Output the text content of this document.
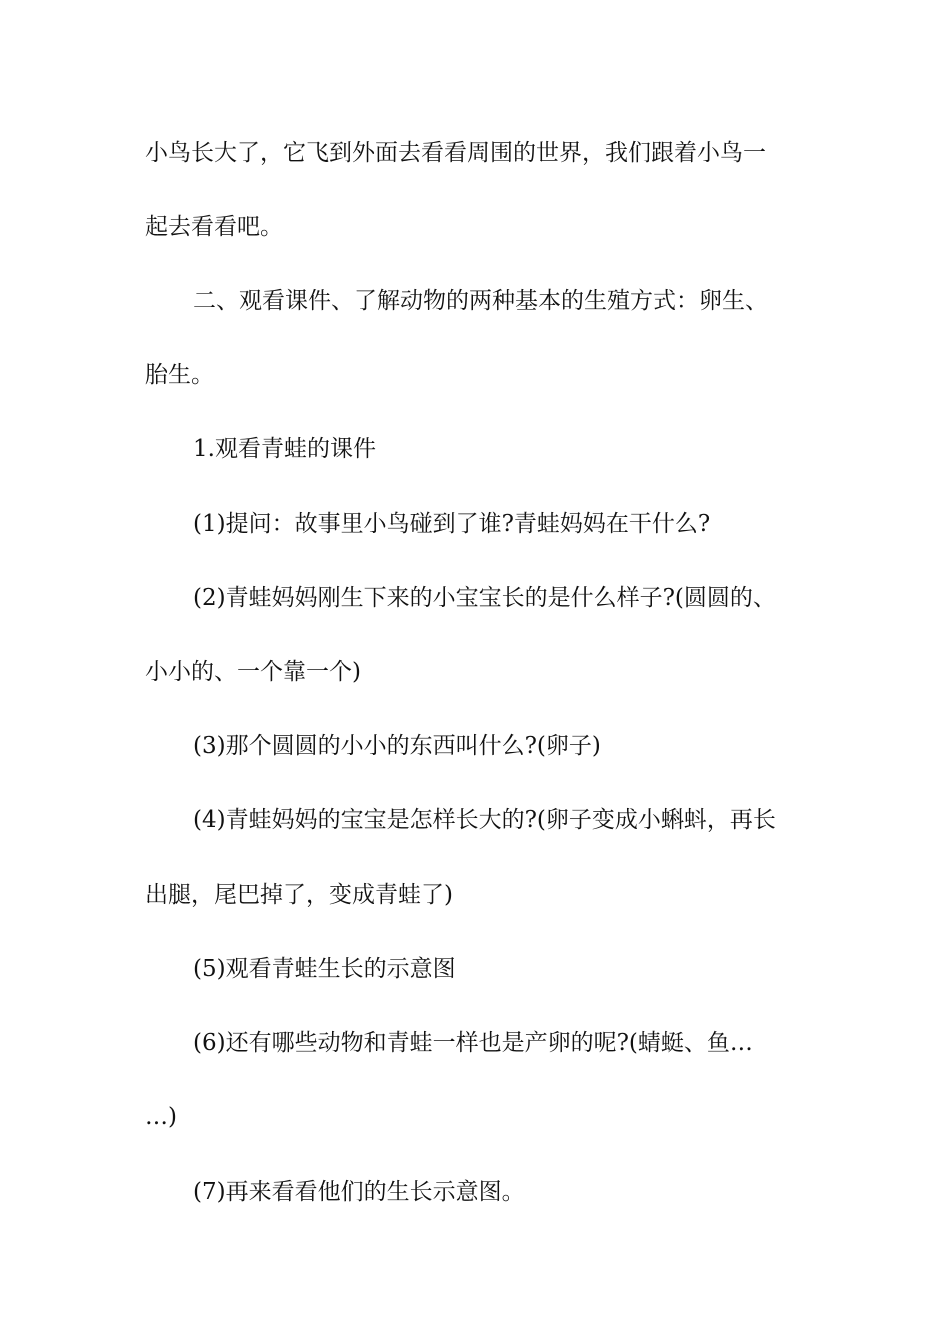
小鸟长大了，它飞到外面去看看周围的世界，我们跟着小鸟一
起去看看吧。
二、观看课件、了解动物的两种基本的生殖方式：卵生、
胎生。
1.观看青蛙的课件
(1)提问：故事里小鸟碰到了谁?青蛙妈妈在干什么?
(2)青蛙妈妈刚生下来的小宝宝长的是什么样子?(圆圆的、
小小的、一个靠一个)
(3)那个圆圆的小小的东西叫什么?(卵子)
(4)青蛙妈妈的宝宝是怎样长大的?(卵子变成小蝌蚪，再长
出腿，尾巴掉了，变成青蛙了)
(5)观看青蛙生长的示意图
(6)还有哪些动物和青蛙一样也是产卵的呢?(蜻蜓、鱼…
…)
(7)再来看看他们的生长示意图。
